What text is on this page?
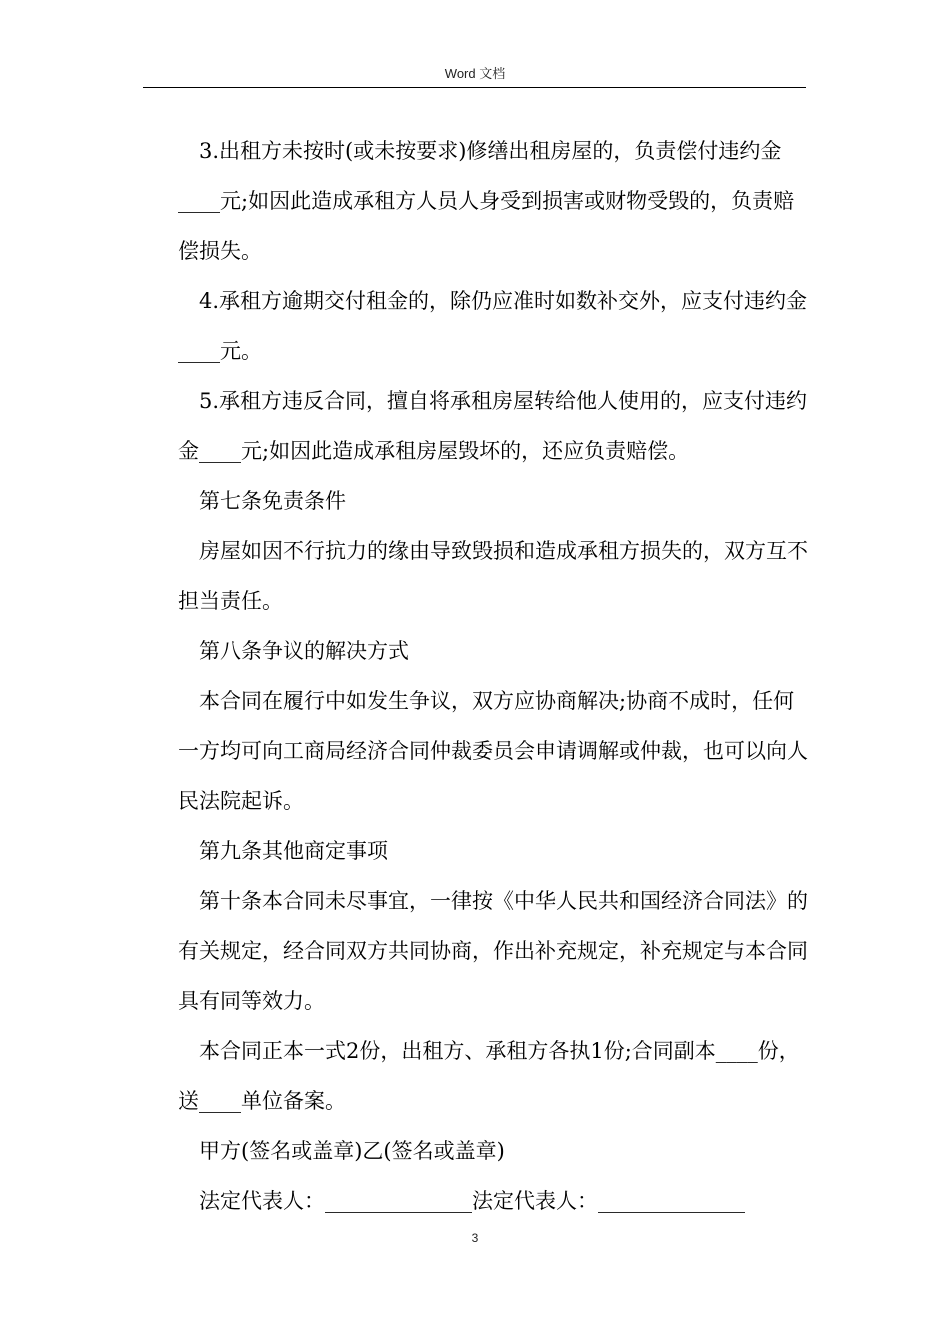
Word 文档

3.出租方未按时(或未按要求)修缮出租房屋的，负责偿付违约金____元;如因此造成承租方人员人身受到损害或财物受毁的，负责赔偿损失。

4.承租方逾期交付租金的，除仍应准时如数补交外，应支付违约金____元。

5.承租方违反合同，擅自将承租房屋转给他人使用的，应支付违约金____元;如因此造成承租房屋毁坏的，还应负责赔偿。

第七条免责条件

房屋如因不行抗力的缘由导致毁损和造成承租方损失的，双方互不担当责任。

第八条争议的解决方式

本合同在履行中如发生争议，双方应协商解决;协商不成时，任何一方均可向工商局经济合同仲裁委员会申请调解或仲裁，也可以向人民法院起诉。

第九条其他商定事项

第十条本合同未尽事宜，一律按《中华人民共和国经济合同法》的有关规定，经合同双方共同协商，作出补充规定，补充规定与本合同具有同等效力。

本合同正本一式2份，出租方、承租方各执1份;合同副本____份，送____单位备案。

甲方(签名或盖章)乙(签名或盖章)

法定代表人：______________法定代表人：______________

3
